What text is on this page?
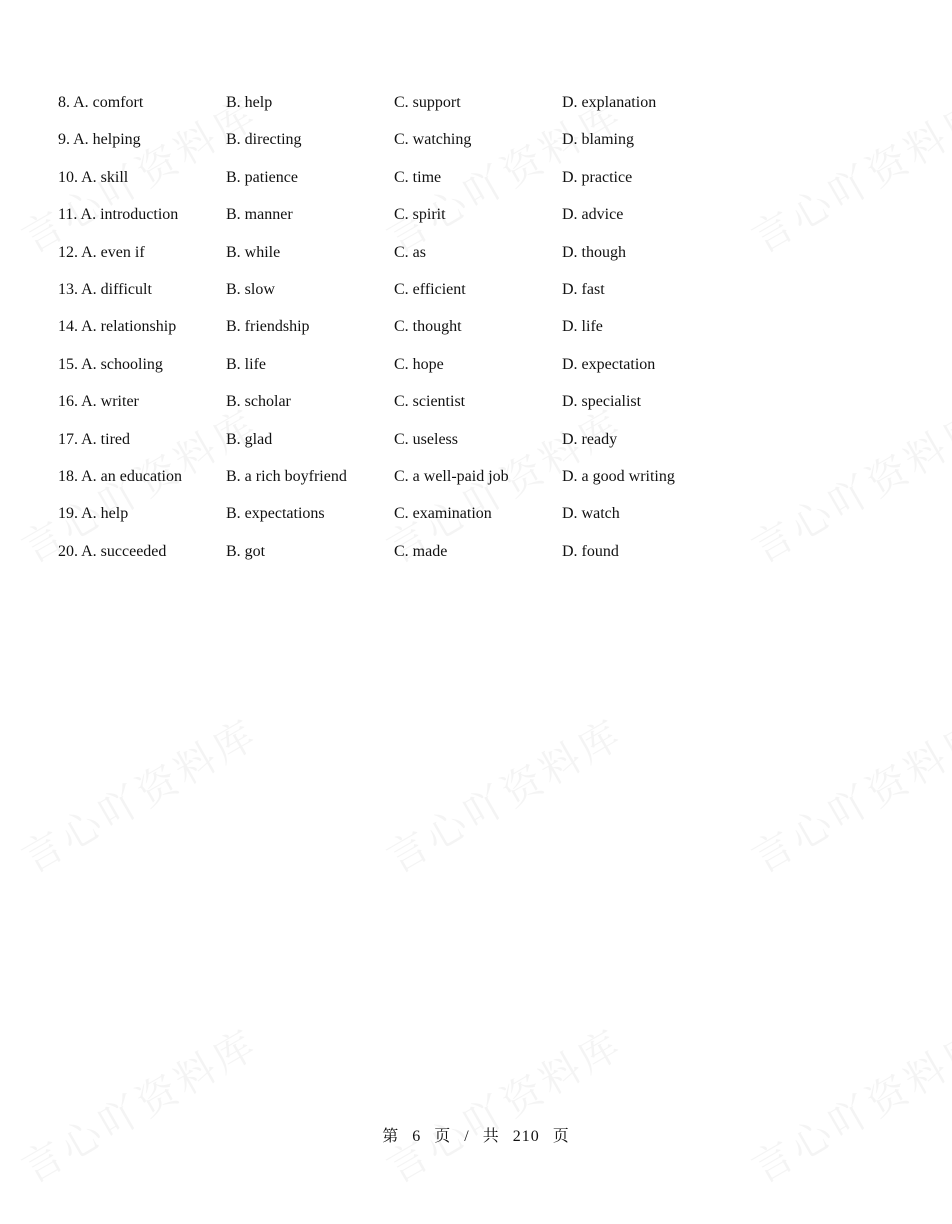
8. A. comfort	B. help	C. support	D. explanation
9. A. helping	B. directing	C. watching	D. blaming
10. A. skill	B. patience	C. time	D. practice
11. A. introduction	B. manner	C. spirit	D. advice
12. A. even if	B. while	C. as	D. though
13. A. difficult	B. slow	C. efficient	D. fast
14. A. relationship	B. friendship	C. thought	D. life
15. A. schooling	B. life	C. hope	D. expectation
16. A. writer	B. scholar	C. scientist	D. specialist
17. A. tired	B. glad	C. useless	D. ready
18. A. an education	B. a rich boyfriend	C. a well-paid job	D. a good writing
19. A. help	B. expectations	C. examination	D. watch
20. A. succeeded	B. got	C. made	D. found
第 6 页 / 共 210 页
